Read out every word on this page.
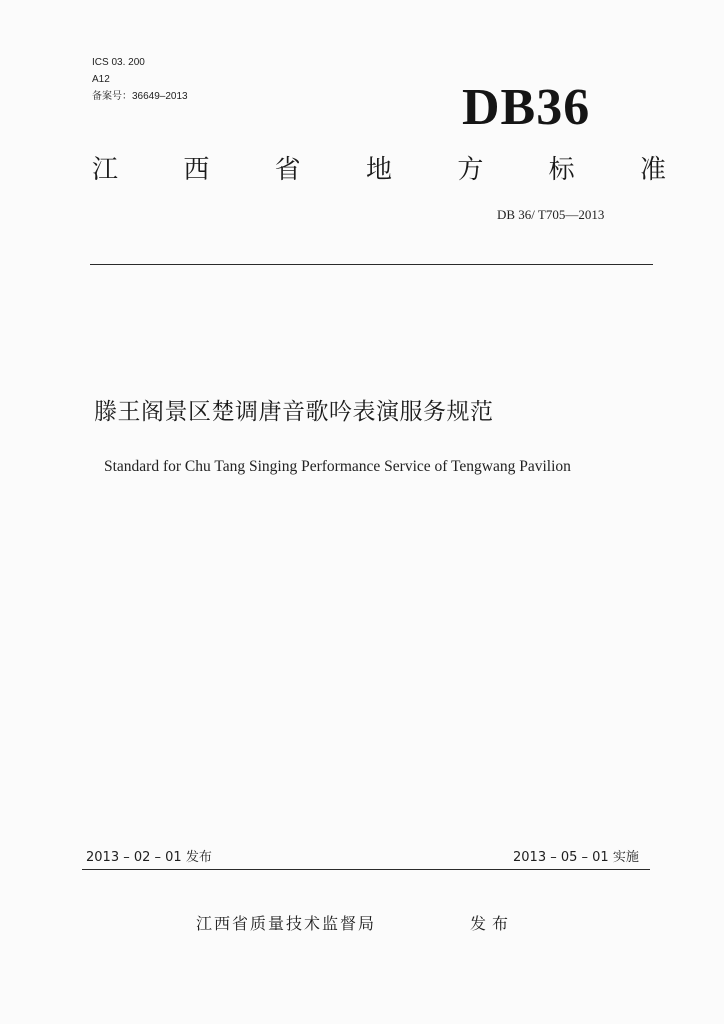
ICS 03. 200
A12
备案号：36649–2013	DB36
江	西	省	地	方	标	准
DB 36/ T705—2013
滕王阁景区楚调唐音歌吟表演服务规范
Standard for Chu Tang Singing Performance Service of Tengwang Pavilion
2013 – 02 – 01 发布	2013 – 05 – 01 实施
江西省质量技术监督局	发布
